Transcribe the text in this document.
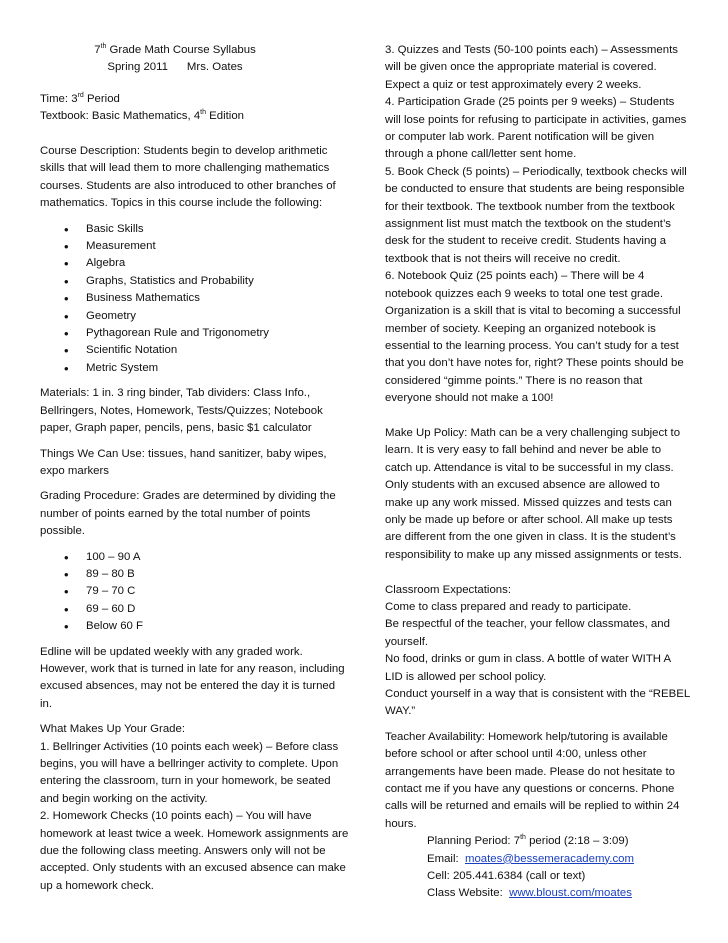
7th Grade Math Course Syllabus

Spring 2011      Mrs. Oates

Time: 3rd Period

Textbook: Basic Mathematics, 4th Edition

Course Description: Students begin to develop arithmetic skills that will lead them to more challenging mathematics courses. Students are also introduced to other branches of mathematics. Topics in this course include the following:

• Basic Skills
• Measurement
• Algebra
• Graphs, Statistics and Probability
• Business Mathematics
• Geometry
• Pythagorean Rule and Trigonometry
• Scientific Notation
• Metric System

Materials: 1 in. 3 ring binder, Tab dividers: Class Info., Bellringers, Notes, Homework, Tests/Quizzes; Notebook paper, Graph paper, pencils, pens, basic $1 calculator

Things We Can Use: tissues, hand sanitizer, baby wipes, expo markers

Grading Procedure: Grades are determined by dividing the number of points earned by the total number of points possible.

• 100 – 90 A
• 89 – 80 B
• 79 – 70 C
• 69 – 60 D
• Below 60 F

Edline will be updated weekly with any graded work. However, work that is turned in late for any reason, including excused absences, may not be entered the day it is turned in.

What Makes Up Your Grade:

1. Bellringer Activities (10 points each week) – Before class begins, you will have a bellringer activity to complete. Upon entering the classroom, turn in your homework, be seated and begin working on the activity.

2. Homework Checks (10 points each) – You will have homework at least twice a week. Homework assignments are due the following class meeting. Answers only will not be accepted. Only students with an excused absence can make up a homework check.

3. Quizzes and Tests (50-100 points each) – Assessments will be given once the appropriate material is covered. Expect a quiz or test approximately every 2 weeks.

4. Participation Grade (25 points per 9 weeks) – Students will lose points for refusing to participate in activities, games or computer lab work. Parent notification will be given through a phone call/letter sent home.

5. Book Check (5 points) – Periodically, textbook checks will be conducted to ensure that students are being responsible for their textbook. The textbook number from the textbook assignment list must match the textbook on the student’s desk for the student to receive credit. Students having a textbook that is not theirs will receive no credit.

6. Notebook Quiz (25 points each) – There will be 4 notebook quizzes each 9 weeks to total one test grade. Organization is a skill that is vital to becoming a successful member of society. Keeping an organized notebook is essential to the learning process. You can’t study for a test that you don’t have notes for, right? These points should be considered “gimme points.” There is no reason that everyone should not make a 100!

Make Up Policy: Math can be a very challenging subject to learn. It is very easy to fall behind and never be able to catch up. Attendance is vital to be successful in my class. Only students with an excused absence are allowed to make up any work missed. Missed quizzes and tests can only be made up before or after school. All make up tests are different from the one given in class. It is the student’s responsibility to make up any missed assignments or tests.

Classroom Expectations:

Come to class prepared and ready to participate.

Be respectful of the teacher, your fellow classmates, and yourself.

No food, drinks or gum in class. A bottle of water WITH A LID is allowed per school policy.

Conduct yourself in a way that is consistent with the “REBEL WAY.”

Teacher Availability: Homework help/tutoring is available before school or after school until 4:00, unless other arrangements have been made. Please do not hesitate to contact me if you have any questions or concerns. Phone calls will be returned and emails will be replied to within 24 hours.

Planning Period: 7th period (2:18 – 3:09)

Email:  moates@bessemeracademy.com

Cell: 205.441.6384 (call or text)

Class Website:  www.bloust.com/moates
